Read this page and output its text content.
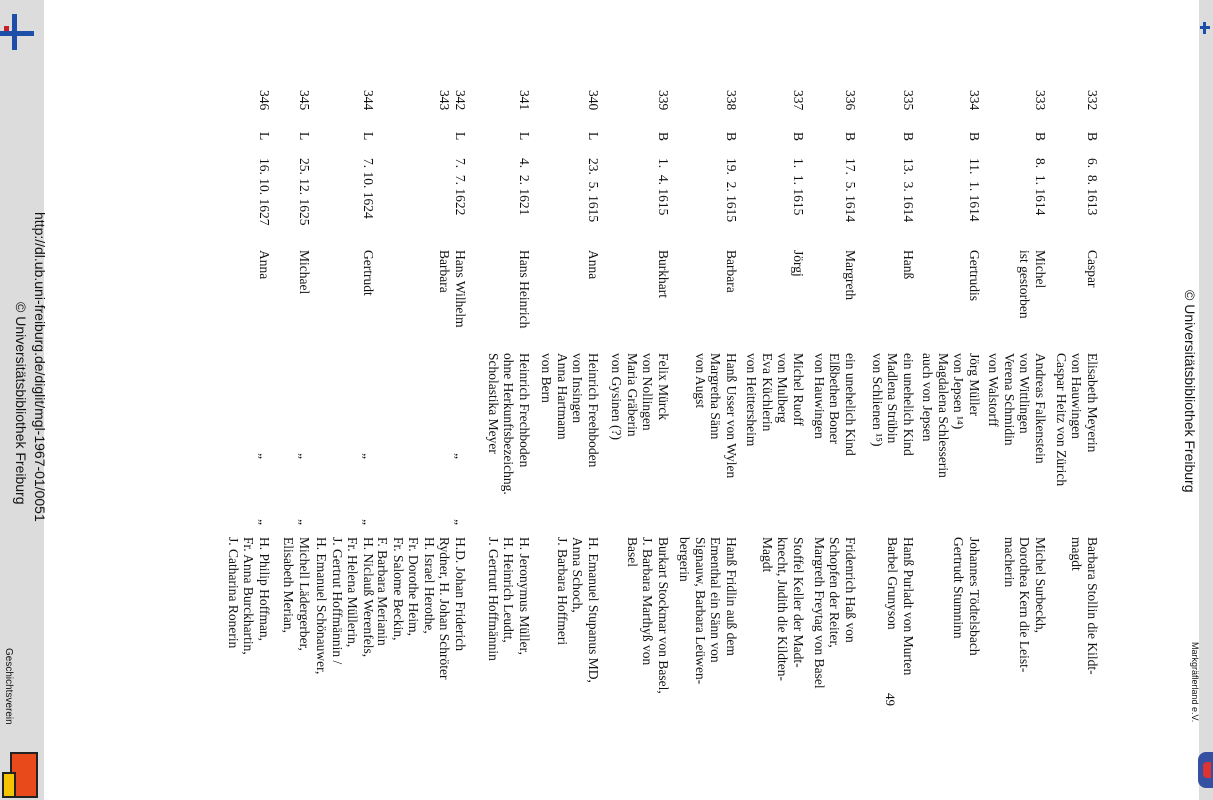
http://dl.ub.uni-freiburg.de/diglit/mgl-1967-01/0051
© Universitätsbibliothek Freiburg
Geschichtsverein
© Universitätsbibliothek Freiburg
Markgräflerland e.V.
49
332
B
6.  8. 1613
Caspar
Elisabeth Meyerin
von Hauwingen
Caspar Heitz von Zürich
Barbara Stollin die Kildt-
magdt
333
B
8.  1. 1614
Michel
ist gestorben
Andreas Falkenstein
von Wittlingen
Verena Schmidin
von Walstorff
Michel Surbeckh,
Dorothea Kern die Leist-
macherin
334
B
11.  1. 1614
Gertrudis
Jörg Müller
von Jepsen ¹⁴)
Magdalena Schlesserin
auch von Jepsen
Johannes Tödtelsbach
Gertrudt Stumninn
335
B
13.  3. 1614
Hanß
ein unehelich Kind
Madlena Strübin
von Schlienen ¹⁵)
Hanß Purladt von Murten
Barbel Grunyson
336
B
17.  5. 1614
Margreth
ein unehelich Kind
Elßbethen Boner
von Hauwingen
Fridenrich Haß von
Schopfen der Reiter,
Margreth Freytag von Basel
337
B
1.  1. 1615
Jörgj
Michel Ruoff
von Mulberg
Eva Küchlerin
von Heittersheim
Stoffel Keller der Madt-
knecht, Judith die Kildten-
Magdt
338
B
19.  2. 1615
Barbara
Hanß Usser von Wylen
Margretha Sänn
von Augst
Hanß Fridlin auß dem
Ementhal ein Sänn von
Signauw, Barbara Leüwen-
bergerin
339
B
1.  4. 1615
Burkhart
Felix Mürck
von Nollingen
Maria Gräberin
von Gysinen (?)
Burkart Stockmar von Basel,
J. Barbara Marthyß von
Basel
340
L
23.  5. 1615
Anna
Heinrich Freehboden
von Insingen
Anna Hartmann
von Bern
H. Emanuel Stupanus MD,
Anna Schoch,
J. Barbara Hoffmeri
341
L
4.  2. 1621
Hans Heinrich
Heinrich Frechboden
ohne Herkunftsbezeichng.
Scholastika Meyer
H. Jeronymus Müller,
H. Heinrich Leudtt,
J. Gertrutt Hoffmännin
342
343
L
7.  7. 1622
Hans Wilhelm
Barbara
„„
H.D. Johan Friderich
Rydner, H. Johan Schröter
H. Israel Herothe,
Fr. Dorothe Heim,
Fr. Salome Beckin,
F. Barbara Merianin
344
L
7. 10. 1624
Gertrudt
„„
H. Niclauß Werenfels,
Fr. Helena Müllerin,
J. Gertrut Hoffmännin /
H. Emanuel Schönauwer,
345
L
25. 12. 1625
Michael
„„
Michell Lädergerber,
Elisabeth Merian,
346
L
16. 10. 1627
Anna
„„
H. Philip Hoffman,
Fr. Anna Burckhartin,
J. Catharina Ronerin
